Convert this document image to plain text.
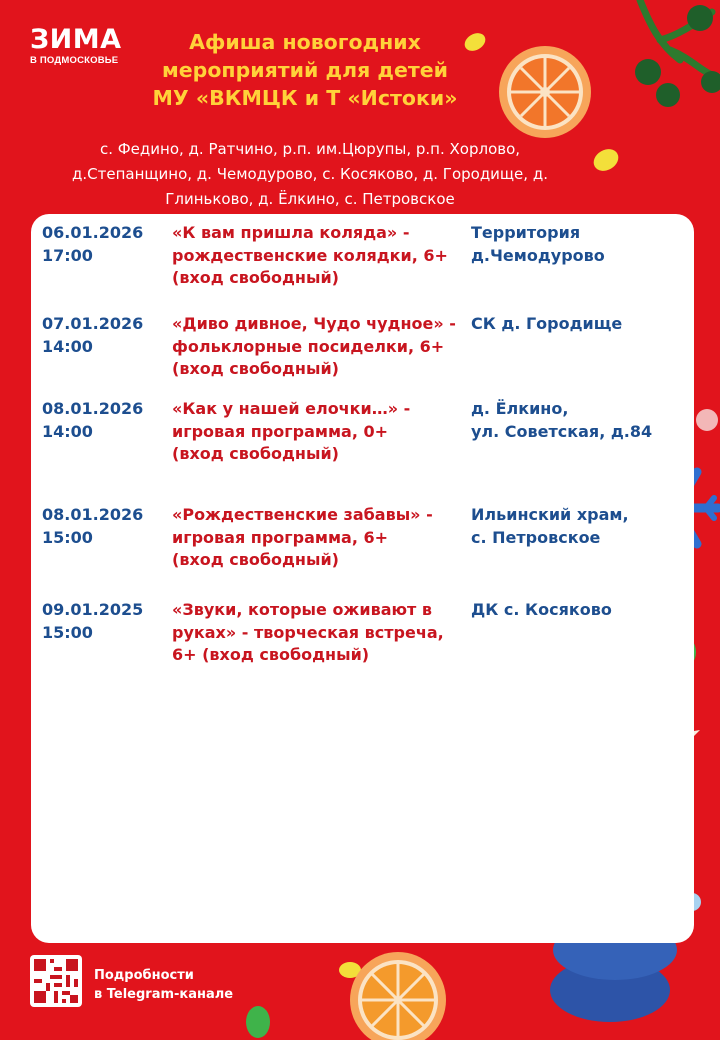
ЗИМА
В ПОДМОСКОВЬЕ
Афиша новогодних
мероприятий для детей
МУ «ВКМЦК и Т «Истоки»
с. Федино, д. Ратчино, р.п. им.Цюрупы, р.п. Хорлово,
д.Степанщино, д. Чемодурово, с. Косяково, д. Городище, д.
Глиньково, д. Ёлкино, с. Петровское
06.01.2026
17:00
«К вам пришла коляда» -
рождественские колядки, 6+
(вход свободный)
Территория
д.Чемодурово
07.01.2026
14:00
«Диво дивное, Чудо чудное» -
фольклорные посиделки, 6+
(вход свободный)
СК д. Городище
08.01.2026
14:00
«Как у нашей елочки…» -
игровая программа, 0+
(вход свободный)
д. Ёлкино,
ул. Советская, д.84
08.01.2026
15:00
«Рождественские забавы» -
игровая программа, 6+
(вход свободный)
Ильинский храм,
с. Петровское
09.01.2025
15:00
«Звуки, которые оживают в
руках» - творческая встреча,
6+ (вход свободный)
ДК с. Косяково
Подробности
в Telegram-канале
